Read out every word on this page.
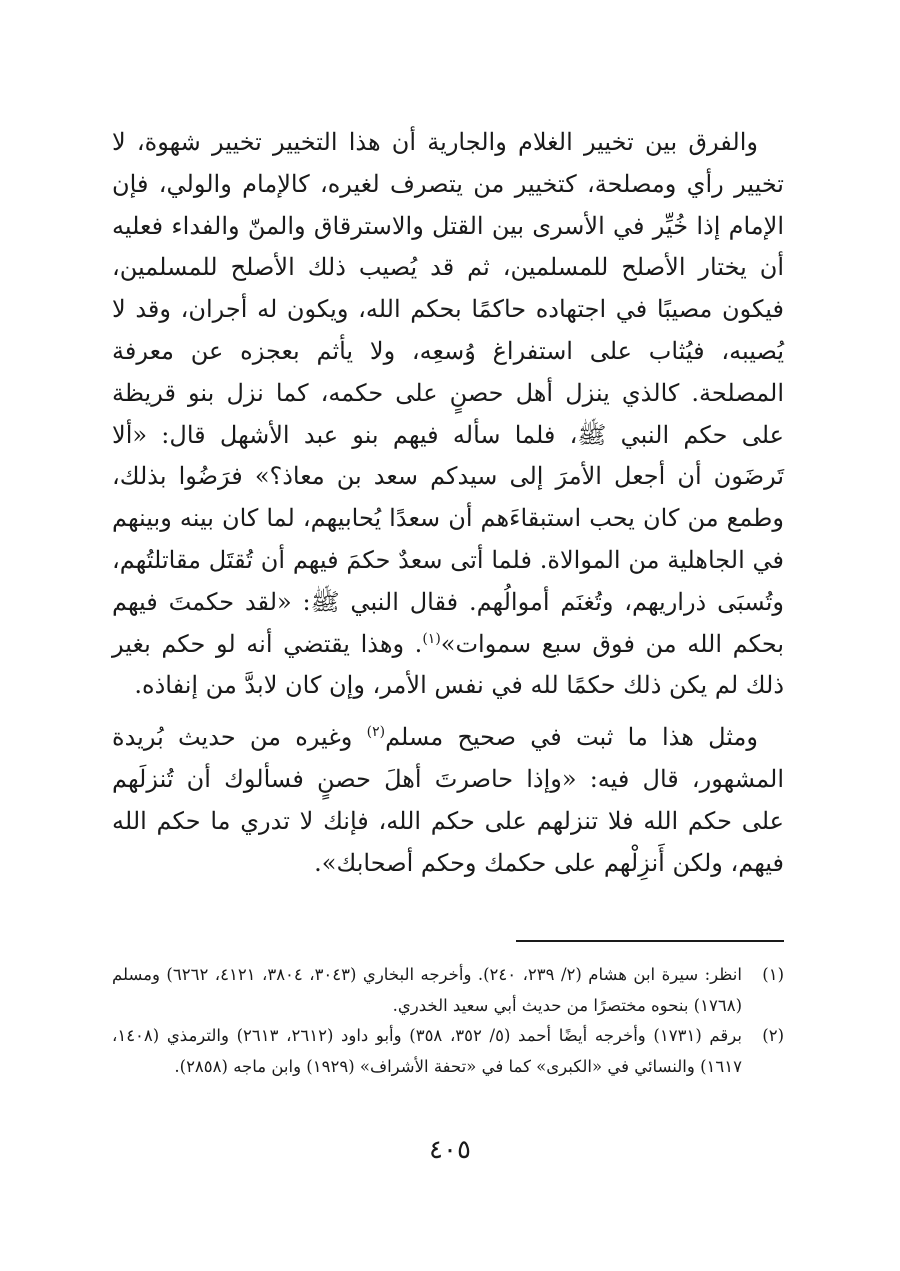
والفرق بين تخيير الغلام والجارية أن هذا التخيير تخيير شهوة، لا تخيير رأي ومصلحة، كتخيير من يتصرف لغيره، كالإمام والولي، فإن الإمام إذا خُيِّر في الأسرى بين القتل والاسترقاق والمنّ والفداء فعليه أن يختار الأصلح للمسلمين، ثم قد يُصيب ذلك الأصلح للمسلمين، فيكون مصيبًا في اجتهاده حاكمًا بحكم الله، ويكون له أجران، وقد لا يُصيبه، فيُثاب على استفراغ وُسعِه، ولا يأثم بعجزه عن معرفة المصلحة. كالذي ينزل أهل حصنٍ على حكمه، كما نزل بنو قريظة على حكم النبي ﷺ، فلما سأله فيهم بنو عبد الأشهل قال: «ألا تَرضَون أن أجعل الأمرَ إلى سيدكم سعد بن معاذ؟» فرَضُوا بذلك، وطمع من كان يحب استبقاءَهم أن سعدًا يُحابيهم، لما كان بينه وبينهم في الجاهلية من الموالاة. فلما أتى سعدٌ حكمَ فيهم أن تُقتَل مقاتلتُهم، وتُسبَى ذراريهم، وتُغنَم أموالُهم. فقال النبي ﷺ: «لقد حكمتَ فيهم بحكم الله من فوق سبع سموات»$^{(١)}$. وهذا يقتضي أنه لو حكم بغير ذلك لم يكن ذلك حكمًا لله في نفس الأمر، وإن كان لابدَّ من إنفاذه.

ومثل هذا ما ثبت في صحيح مسلم$^{(٢)}$ وغيره من حديث بُريدة المشهور، قال فيه: «وإذا حاصرتَ أهلَ حصنٍ فسألوك أن تُنزلَهم على حكم الله فلا تنزلهم على حكم الله، فإنك لا تدري ما حكم الله فيهم، ولكن أَنزِلْهم على حكمك وحكم أصحابك».

(١)
انظر: سيرة ابن هشام (٢/ ٢٣٩، ٢٤٠). وأخرجه البخاري (٣٠٤٣، ٣٨٠٤، ٤١٢١، ٦٢٦٢) ومسلم (١٧٦٨) بنحوه مختصرًا من حديث أبي سعيد الخدري.
(٢)
برقم (١٧٣١) وأخرجه أيضًا أحمد (٥/ ٣٥٢، ٣٥٨) وأبو داود (٢٦١٢، ٢٦١٣) والترمذي (١٤٠٨، ١٦١٧) والنسائي في «الكبرى» كما في «تحفة الأشراف» (١٩٢٩) وابن ماجه (٢٨٥٨).
٤٠٥
